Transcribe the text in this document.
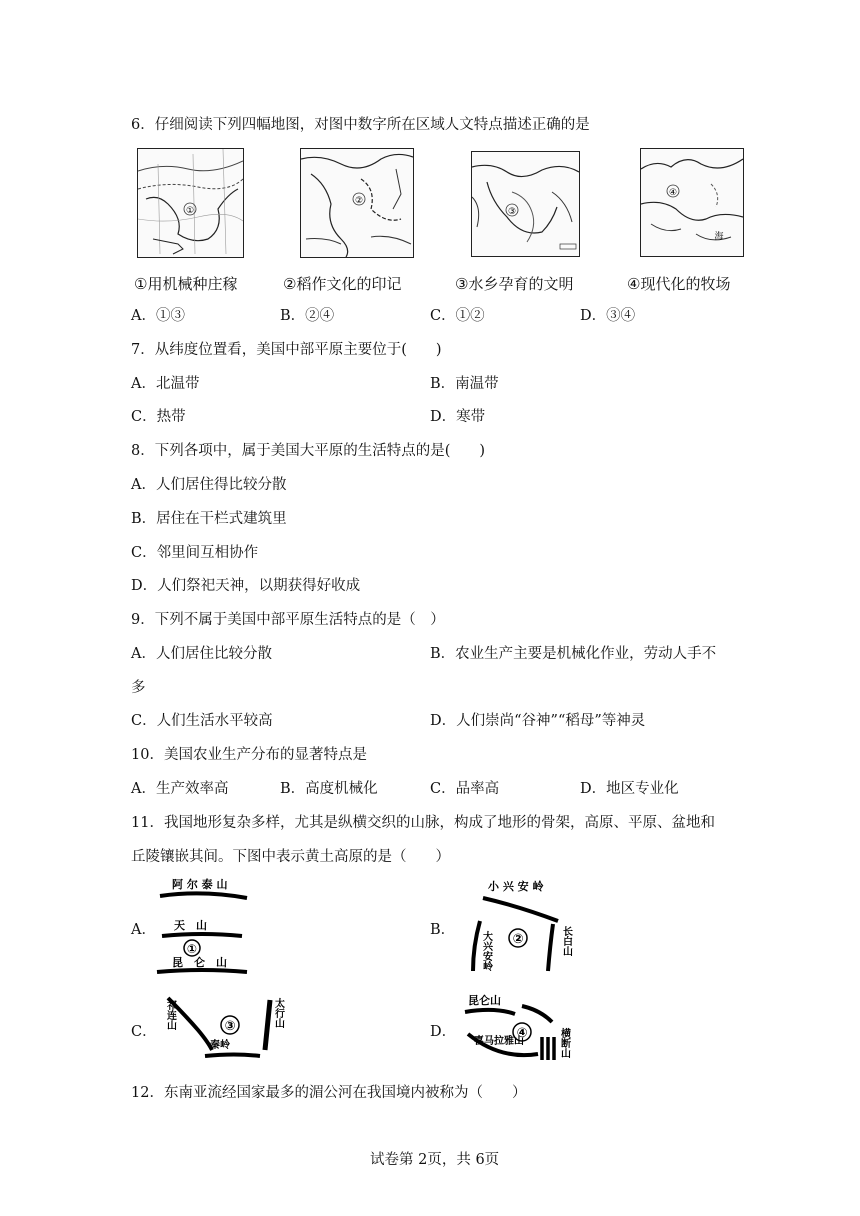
6．仔细阅读下列四幅地图，对图中数字所在区域人文特点描述正确的是
①
①用机械种庄稼
②
②稻作文化的印记
③
③水乡孕育的文明
④
海
④现代化的牧场
A．①③	B．②④	C．①②	D．③④
7．从纬度位置看，美国中部平原主要位于(　　)
A．北温带	B．南温带
C．热带	D．寒带
8．下列各项中，属于美国大平原的生活特点的是(　　)
A．人们居住得比较分散
B．居住在干栏式建筑里
C．邻里间互相协作
D．人们祭祀天神，以期获得好收成
9．下列不属于美国中部平原生活特点的是（　）
A．人们居住比较分散	B．农业生产主要是机械化作业，劳动人手不
多
C．人们生活水平较高	D．人们崇尚“谷神”“稻母”等神灵
10．美国农业生产分布的显著特点是
A．生产效率高	B．高度机械化	C．品率高	D．地区专业化
11．我国地形复杂多样，尤其是纵横交织的山脉，构成了地形的骨架，高原、平原、盆地和
丘陵镶嵌其间。下图中表示黄土高原的是（　　）
A．
阿 尔 泰 山
天　山
①
昆　仑　山
B．
小 兴 安 岭
大兴安岭 ②	长白山
C．
祁连山	③	太行山
秦岭
D．
昆仑山
④
喜马拉雅山	横断山
12．东南亚流经国家最多的湄公河在我国境内被称为（　　）
试卷第 2页，共 6页
